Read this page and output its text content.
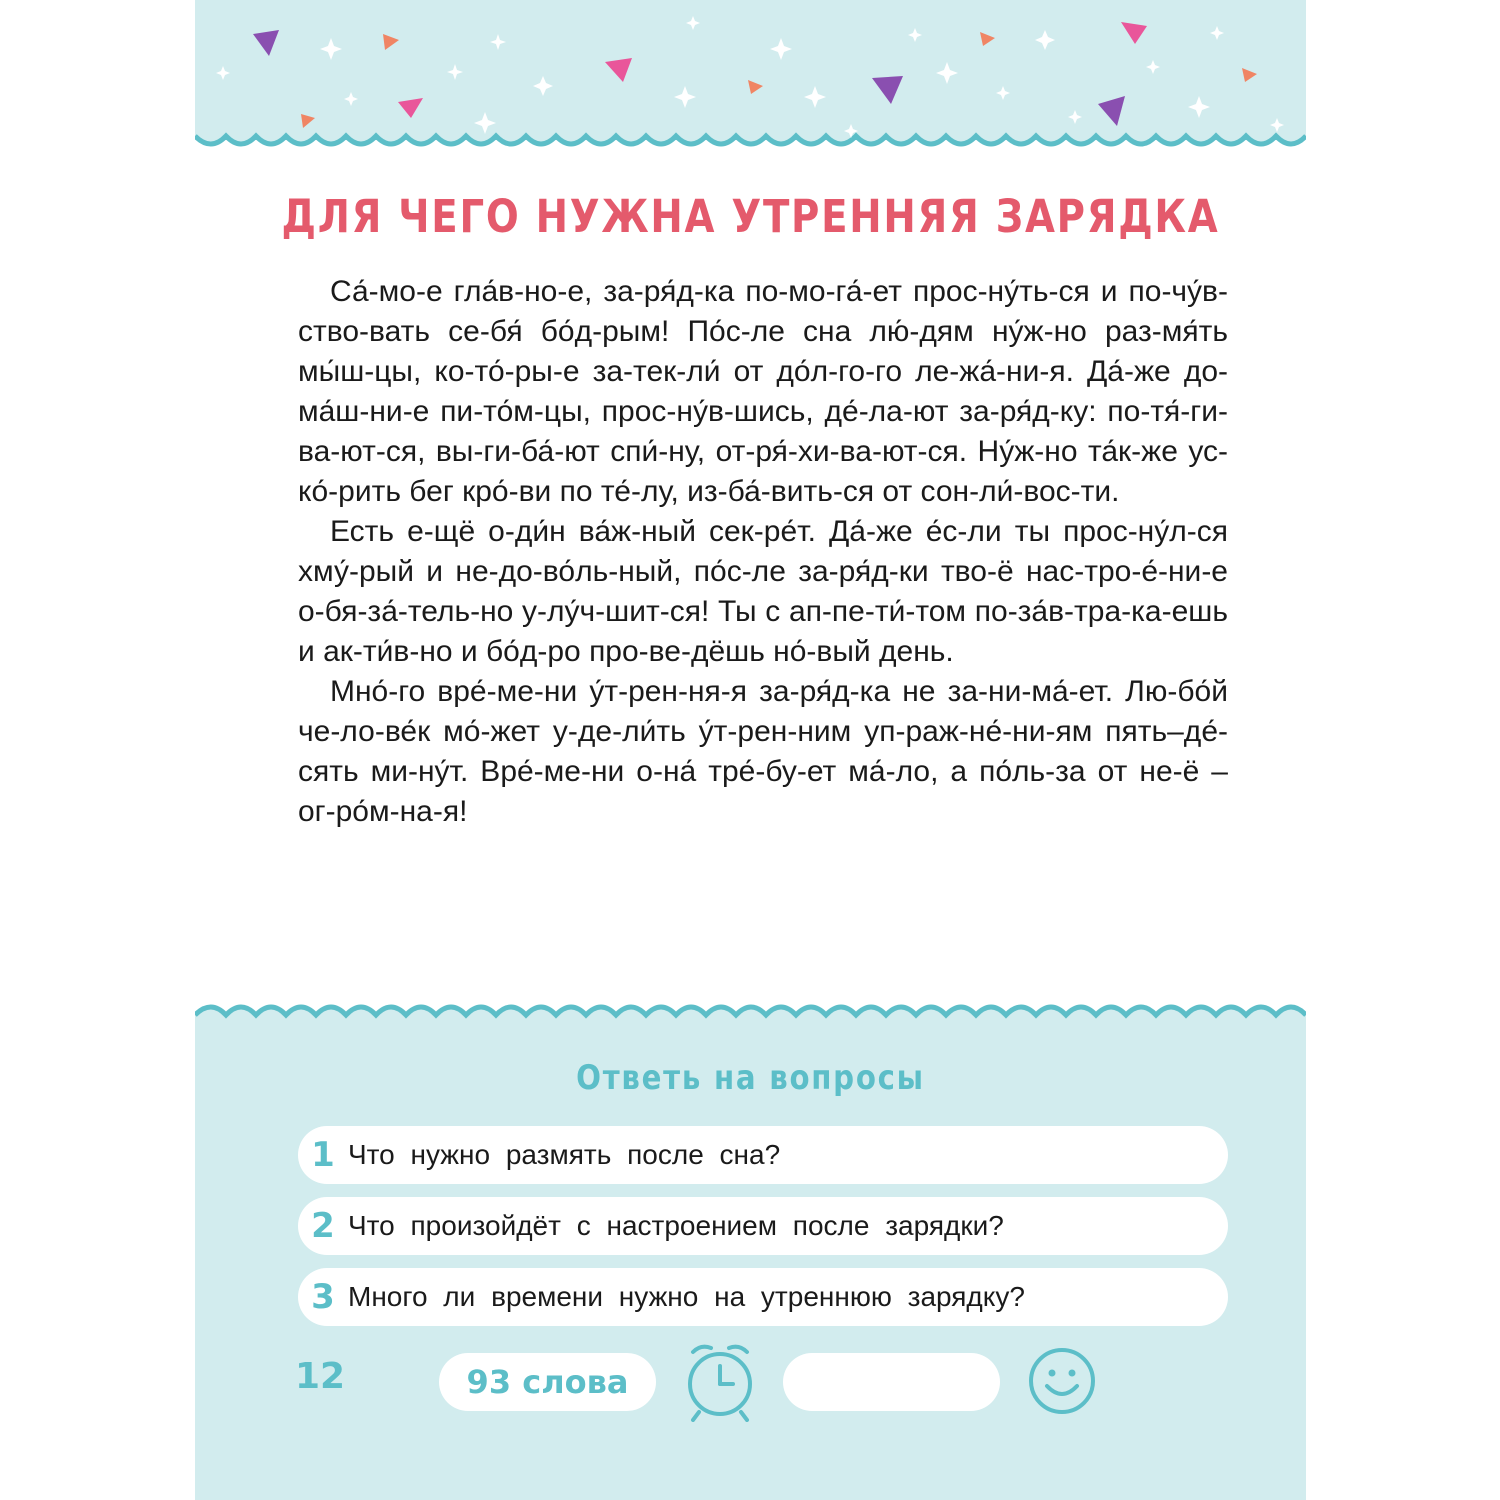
ДЛЯ ЧЕГО НУЖНА УТРЕННЯЯ ЗАРЯДКА

Са́-мо-е гла́в-но-е, за-ря́д-ка по-мо-га́-ет прос-ну́ть-ся и по-чу́в-ство-вать се-бя́ бо́д-рым! По́с-ле сна лю́-дям ну́ж-но раз-мя́ть мы́ш-цы, ко-то́-ры-е за-тек-ли́ от до́л-го-го ле-жа́-ни-я. Да́-же до-ма́ш-ни-е пи-то́м-цы, прос-ну́в-шись, де́-ла-ют за-ря́д-ку: по-тя́-ги-ва-ют-ся, вы-ги-ба́-ют спи́-ну, от-ря́-хи-ва-ют-ся. Ну́ж-но та́к-же ус-ко́-рить бег кро́-ви по те́-лу, из-ба́-вить-ся от сон-ли́-вос-ти.

Есть е-щё о-ди́н ва́ж-ный сек-ре́т. Да́-же е́с-ли ты прос-ну́л-ся хму́-рый и не-до-во́ль-ный, по́с-ле за-ря́д-ки тво-ё нас-тро-е́-ни-е о-бя-за́-тель-но у-лу́ч-шит-ся! Ты с ап-пе-ти́-том по-за́в-тра-ка-ешь и ак-ти́в-но и бо́д-ро про-ве-дёшь но́-вый день.

Мно́-го вре́-ме-ни у́т-рен-ня-я за-ря́д-ка не за-ни-ма́-ет. Лю-бо́й че-ло-ве́к мо́-жет у-де-ли́ть у́т-рен-ним уп-раж-не́-ни-ям пять–де́-сять ми-ну́т. Вре́-ме-ни о-на́ тре́-бу-ет ма́-ло, а по́ль-за от не-ё – ог-ро́м-на-я!

Ответь на вопросы
1 Что нужно размять после сна?
2 Что произойдёт с настроением после зарядки?
3 Много ли времени нужно на утреннюю зарядку?
12	93 слова
